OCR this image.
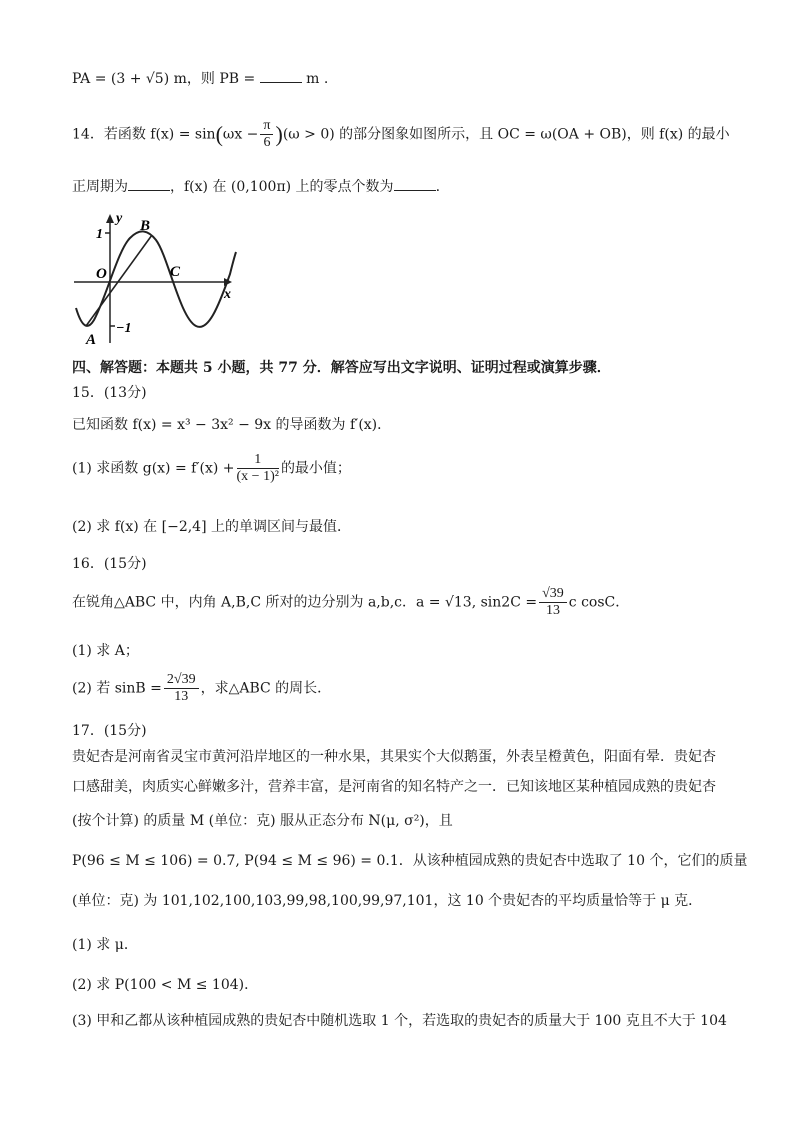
PA = (3 + √5) m，则 PB =	m .
14．若函数 $f(x) = \sin(\omega x - \frac{\pi}{6} )(\omega > 0)$ 的部分图象如图所示，且 OC = ω(OA + OB)，则 f(x) 的最小
正周期为	，f(x) 在 (0,100π) 上的零点个数为	.
y
x
1
−1
O
A
B
C
四、解答题：本题共 5 小题，共 77 分．解答应写出文字说明、证明过程或演算步骤．
15．(13分)
已知函数 f(x) = x³ − 3x² − 9x 的导函数为 f′(x)．
(1) 求函数 $g(x) = f'(x) + \frac{1}{\text{(x − 1)²}}$ 的最小值；
(2) 求 f(x) 在 [−2,4] 上的单调区间与最值．
16．(15分)
在锐角△ABC 中，内角 A,B,C 所对的边分别为 a,b,c．a = √13, $\sin 2C = \frac{√39}{13}$ c cosC．
(1) 求 A；
(2) 若 $\sin B = \frac{2√39}{13}$ ，求△ABC 的周长．
17．(15分)
贵妃杏是河南省灵宝市黄河沿岸地区的一种水果，其果实个大似鹅蛋，外表呈橙黄色，阳面有晕．贵妃杏
口感甜美，肉质实心鲜嫩多汁，营养丰富，是河南省的知名特产之一．已知该地区某种植园成熟的贵妃杏
(按个计算) 的质量 M (单位：克) 服从正态分布 N(μ, σ²)，且
P(96 ≤ M ≤ 106) = 0.7, P(94 ≤ M ≤ 96) = 0.1．从该种植园成熟的贵妃杏中选取了 10 个，它们的质量
(单位：克) 为 101,102,100,103,99,98,100,99,97,101，这 10 个贵妃杏的平均质量恰等于 μ 克．
(1) 求 μ．
(2) 求 P(100 < M ≤ 104)．
(3) 甲和乙都从该种植园成熟的贵妃杏中随机选取 1 个，若选取的贵妃杏的质量大于 100 克且不大于 104
